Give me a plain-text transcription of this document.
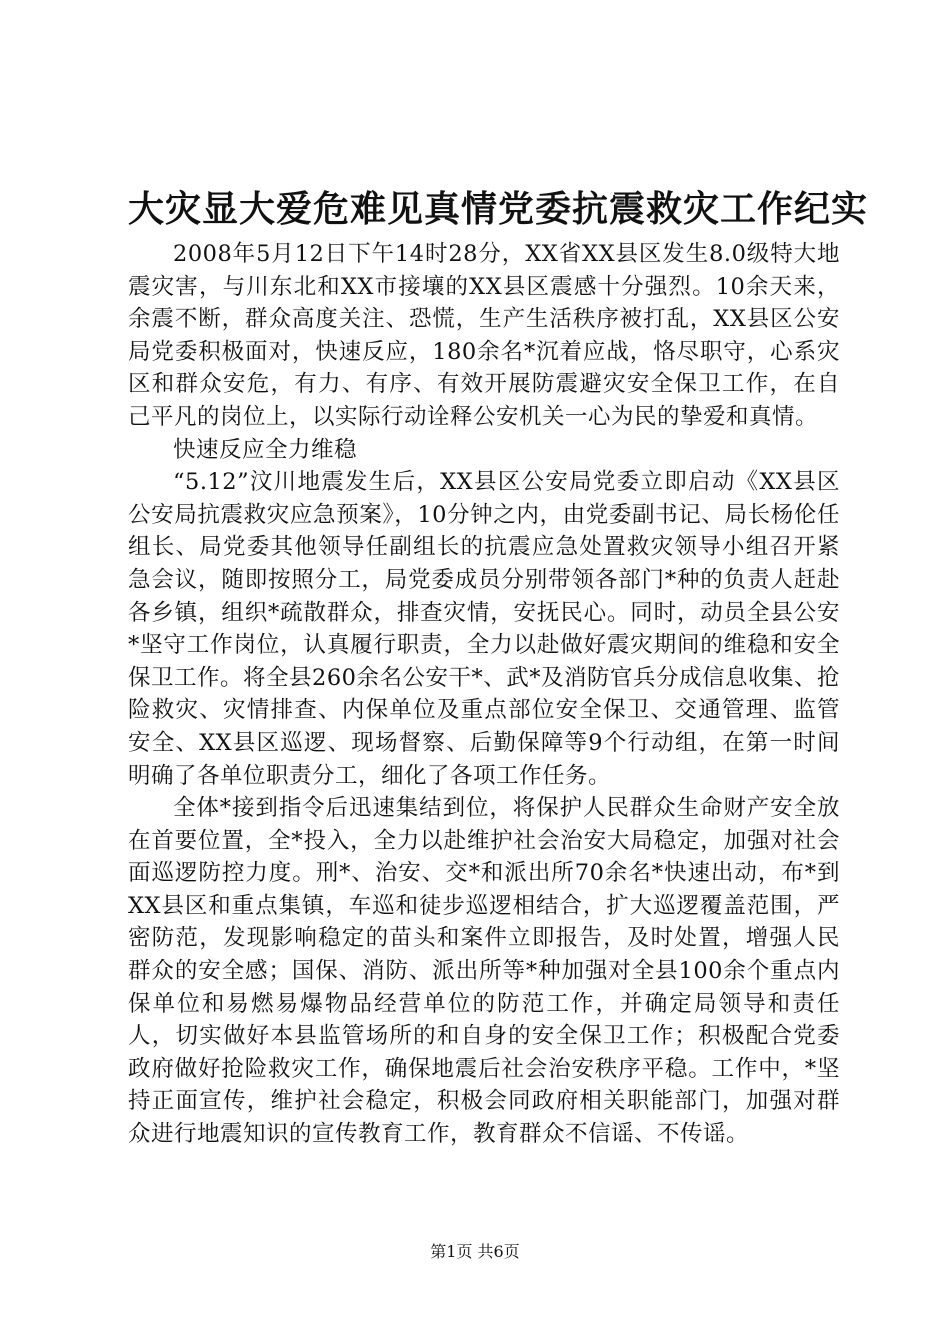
大灾显大爱危难见真情党委抗震救灾工作纪实

2008年5月12日下午14时28分，XX省XX县区发生8.0级特大地震灾害，与川东北和XX市接壤的XX县区震感十分强烈。10余天来，余震不断，群众高度关注、恐慌，生产生活秩序被打乱，XX县区公安局党委积极面对，快速反应，180余名*沉着应战，恪尽职守，心系灾区和群众安危，有力、有序、有效开展防震避灾安全保卫工作，在自己平凡的岗位上，以实际行动诠释公安机关一心为民的挚爱和真情。

快速反应全力维稳

“5.12”汶川地震发生后，XX县区公安局党委立即启动《XX县区公安局抗震救灾应急预案》，10分钟之内，由党委副书记、局长杨伦任组长、局党委其他领导任副组长的抗震应急处置救灾领导小组召开紧急会议，随即按照分工，局党委成员分别带领各部门*种的负责人赶赴各乡镇，组织*疏散群众，排查灾情，安抚民心。同时，动员全县公安*坚守工作岗位，认真履行职责，全力以赴做好震灾期间的维稳和安全保卫工作。将全县260余名公安干*、武*及消防官兵分成信息收集、抢险救灾、灾情排查、内保单位及重点部位安全保卫、交通管理、监管安全、XX县区巡逻、现场督察、后勤保障等9个行动组，在第一时间明确了各单位职责分工，细化了各项工作任务。

全体*接到指令后迅速集结到位，将保护人民群众生命财产安全放在首要位置，全*投入，全力以赴维护社会治安大局稳定，加强对社会面巡逻防控力度。刑*、治安、交*和派出所70余名*快速出动，布*到XX县区和重点集镇，车巡和徒步巡逻相结合，扩大巡逻覆盖范围，严密防范，发现影响稳定的苗头和案件立即报告，及时处置，增强人民群众的安全感；国保、消防、派出所等*种加强对全县100余个重点内保单位和易燃易爆物品经营单位的防范工作，并确定局领导和责任人，切实做好本县监管场所的和自身的安全保卫工作；积极配合党委政府做好抢险救灾工作，确保地震后社会治安秩序平稳。工作中，*坚持正面宣传，维护社会稳定，积极会同政府相关职能部门，加强对群众进行地震知识的宣传教育工作，教育群众不信谣、不传谣。

第1页 共6页
